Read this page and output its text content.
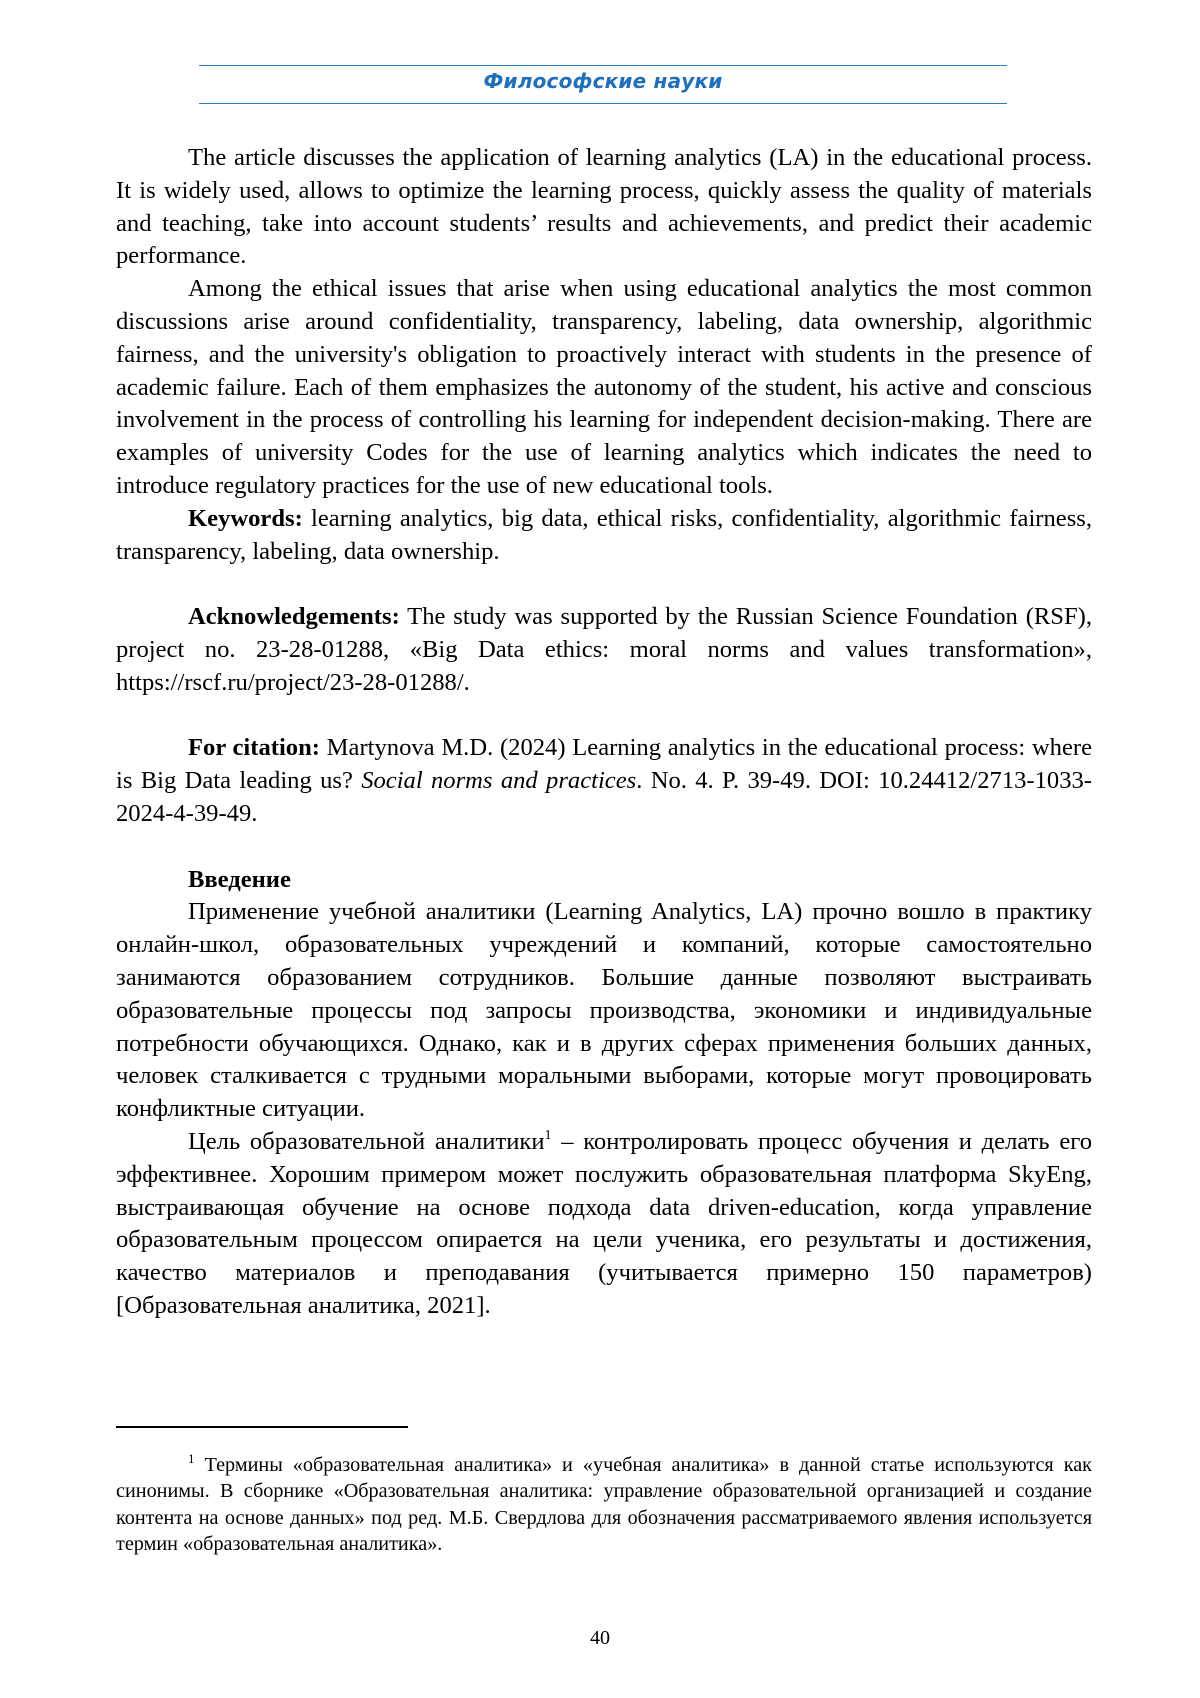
Философские науки

The article discusses the application of learning analytics (LA) in the educational process. It is widely used, allows to optimize the learning process, quickly assess the quality of materials and teaching, take into account students’ results and achievements, and predict their academic performance.

Among the ethical issues that arise when using educational analytics the most common discussions arise around confidentiality, transparency, labeling, data ownership, algorithmic fairness, and the university's obligation to proactively interact with students in the presence of academic failure. Each of them emphasizes the autonomy of the student, his active and conscious involvement in the process of controlling his learning for independent decision-making. There are examples of university Codes for the use of learning analytics which indicates the need to introduce regulatory practices for the use of new educational tools.

Keywords: learning analytics, big data, ethical risks, confidentiality, algorithmic fairness, transparency, labeling, data ownership.

Acknowledgements: The study was supported by the Russian Science Foundation (RSF), project no. 23-28-01288, «Big Data ethics: moral norms and values transformation», https://rscf.ru/project/23-28-01288/.

For citation: Martynova M.D. (2024) Learning analytics in the educational process: where is Big Data leading us? Social norms and practices. No. 4. P. 39-49. DOI: 10.24412/2713-1033-2024-4-39-49.

Введение

Применение учебной аналитики (Learning Analytics, LA) прочно вошло в практику онлайн-школ, образовательных учреждений и компаний, которые самостоятельно занимаются образованием сотрудников. Большие данные позволяют выстраивать образовательные процессы под запросы производства, экономики и индивидуальные потребности обучающихся. Однако, как и в других сферах применения больших данных, человек сталкивается с трудными моральными выборами, которые могут провоцировать конфликтные ситуации.

Цель образовательной аналитики$^1$ – контролировать процесс обучения и делать его эффективнее. Хорошим примером может послужить образовательная платформа SkyEng, выстраивающая обучение на основе подхода data driven-education, когда управление образовательным процессом опирается на цели ученика, его результаты и достижения, качество материалов и преподавания (учитывается примерно 150 параметров) [Образовательная аналитика, 2021].

$^1$ Термины «образовательная аналитика» и «учебная аналитика» в данной статье используются как синонимы. В сборнике «Образовательная аналитика: управление образовательной организацией и создание контента на основе данных» под ред. М.Б. Свердлова для обозначения рассматриваемого явления используется термин «образовательная аналитика».

40
